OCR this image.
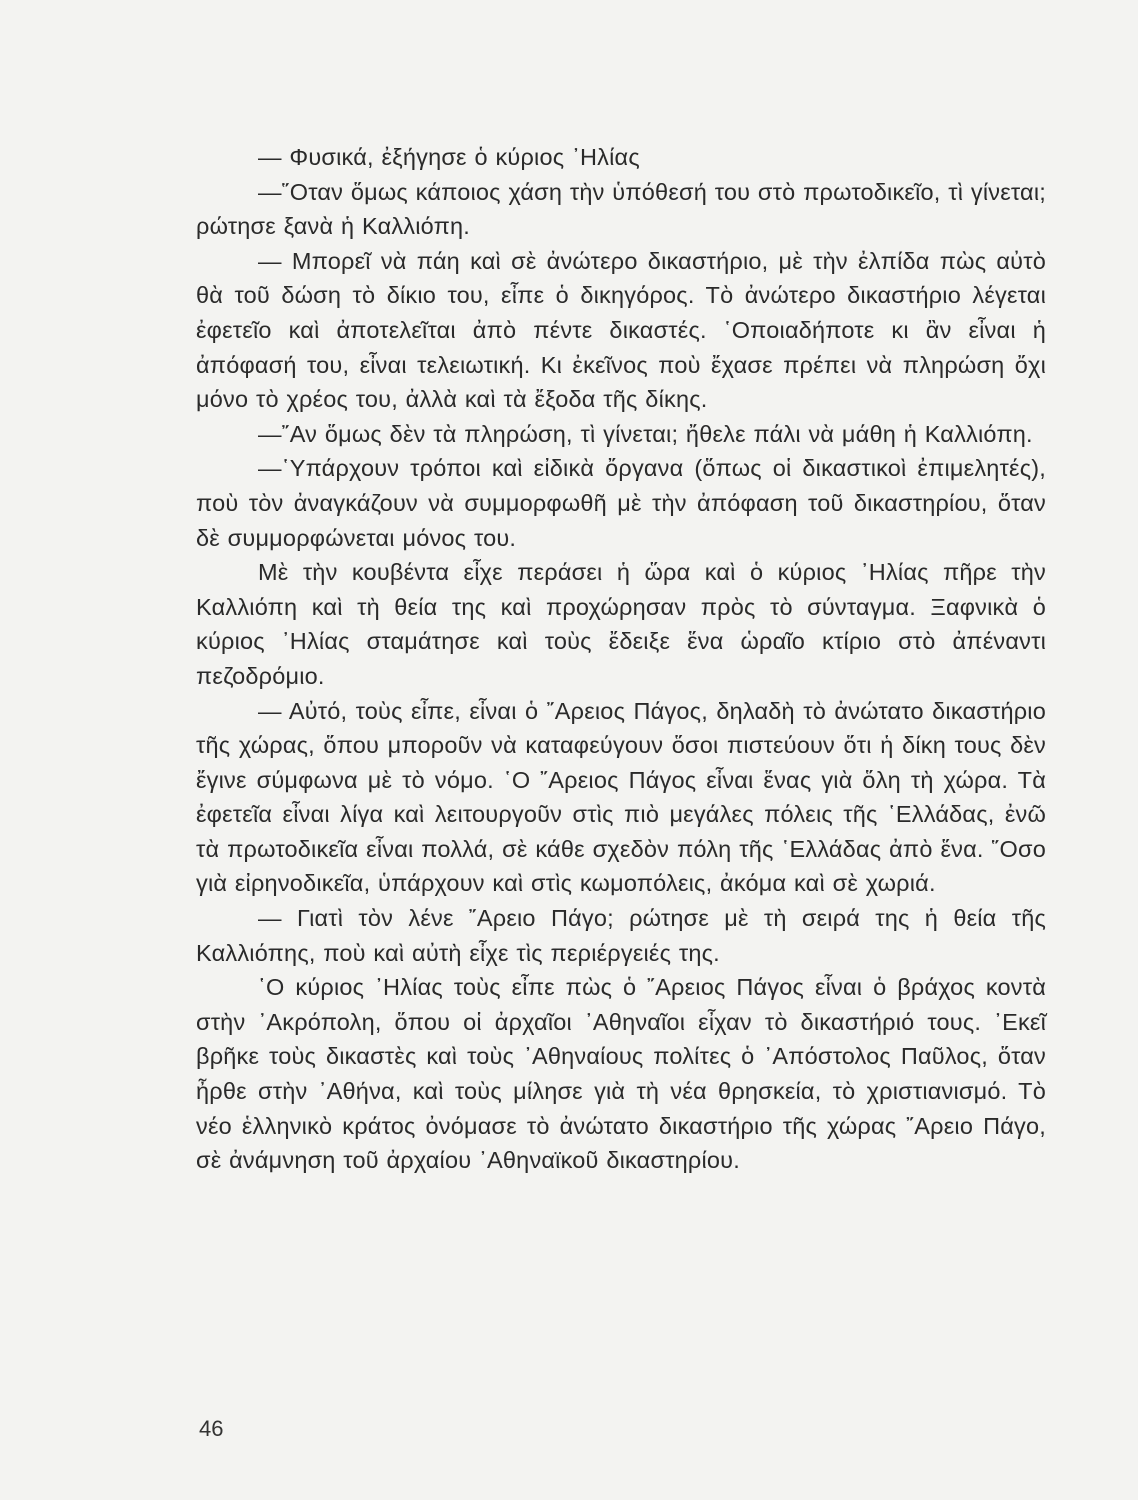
— Φυσικά, ἐξήγησε ὁ κύριος ᾿Ηλίας

—῞Οταν ὅμως κάποιος χάση τὴν ὑπόθεσή του στὸ πρωτοδικεῖο, τὶ γίνεται; ρώτησε ξανὰ ἡ Καλλιόπη.

— Μπορεῖ νὰ πάη καὶ σὲ ἀνώτερο δικαστήριο, μὲ τὴν ἐλπίδα πὼς αὐτὸ θὰ τοῦ δώση τὸ δίκιο του, εἶπε ὁ δικηγόρος. Τὸ ἀνώτερο δικαστήριο λέγεται ἐφετεῖο καὶ ἀποτελεῖται ἀπὸ πέντε δικαστές. ῾Οποιαδήποτε κι ἂν εἶναι ἡ ἀπόφασή του, εἶναι τελειωτική. Κι ἐκεῖνος ποὺ ἔχασε πρέπει νὰ πληρώση ὄχι μόνο τὸ χρέος του, ἀλλὰ καὶ τὰ ἔξοδα τῆς δίκης.

—῎Αν ὅμως δὲν τὰ πληρώση, τὶ γίνεται; ἤθελε πάλι νὰ μάθη ἡ Καλλιόπη.

—῾Υπάρχουν τρόποι καὶ εἰδικὰ ὄργανα (ὅπως οἱ δικαστικοὶ ἐπιμελητές), ποὺ τὸν ἀναγκάζουν νὰ συμμορφωθῆ μὲ τὴν ἀπόφαση τοῦ δικαστηρίου, ὅταν δὲ συμμορφώνεται μόνος του.

Μὲ τὴν κουβέντα εἶχε περάσει ἡ ὥρα καὶ ὁ κύριος ᾿Ηλίας πῆρε τὴν Καλλιόπη καὶ τὴ θεία της καὶ προχώρησαν πρὸς τὸ σύνταγμα. Ξαφνικὰ ὁ κύριος ᾿Ηλίας σταμάτησε καὶ τοὺς ἔδειξε ἕνα ὡραῖο κτίριο στὸ ἀπέναντι πεζοδρόμιο.

— Αὐτό, τοὺς εἶπε, εἶναι ὁ ῎Αρειος Πάγος, δηλαδὴ τὸ ἀνώτατο δικαστήριο τῆς χώρας, ὅπου μποροῦν νὰ καταφεύγουν ὅσοι πιστεύουν ὅτι ἡ δίκη τους δὲν ἔγινε σύμφωνα μὲ τὸ νόμο. ῾Ο ῎Αρειος Πάγος εἶναι ἕνας γιὰ ὅλη τὴ χώρα. Τὰ ἐφετεῖα εἶναι λίγα καὶ λειτουργοῦν στὶς πιὸ μεγάλες πόλεις τῆς ῾Ελλάδας, ἐνῶ τὰ πρωτοδικεῖα εἶναι πολλά, σὲ κάθε σχεδὸν πόλη τῆς ῾Ελλάδας ἀπὸ ἕνα. ῞Οσο γιὰ εἰρηνοδικεῖα, ὑπάρχουν καὶ στὶς κωμοπόλεις, ἀκόμα καὶ σὲ χωριά.

— Γιατὶ τὸν λένε ῎Αρειο Πάγο; ρώτησε μὲ τὴ σειρά της ἡ θεία τῆς Καλλιόπης, ποὺ καὶ αὐτὴ εἶχε τὶς περιέργειές της.

῾Ο κύριος ᾿Ηλίας τοὺς εἶπε πὼς ὁ ῎Αρειος Πάγος εἶναι ὁ βράχος κοντὰ στὴν ᾿Ακρόπολη, ὅπου οἱ ἀρχαῖοι ᾿Αθηναῖοι εἶχαν τὸ δικαστήριό τους. ᾿Εκεῖ βρῆκε τοὺς δικαστὲς καὶ τοὺς ᾿Αθηναίους πολίτες ὁ ᾿Απόστολος Παῦλος, ὅταν ἦρθε στὴν ᾿Αθήνα, καὶ τοὺς μίλησε γιὰ τὴ νέα θρησκεία, τὸ χριστιανισμό. Τὸ νέο ἑλληνικὸ κράτος ὀνόμασε τὸ ἀνώτατο δικαστήριο τῆς χώρας ῎Αρειο Πάγο, σὲ ἀνάμνηση τοῦ ἀρχαίου ᾿Αθηναϊκοῦ δικαστηρίου.

46
